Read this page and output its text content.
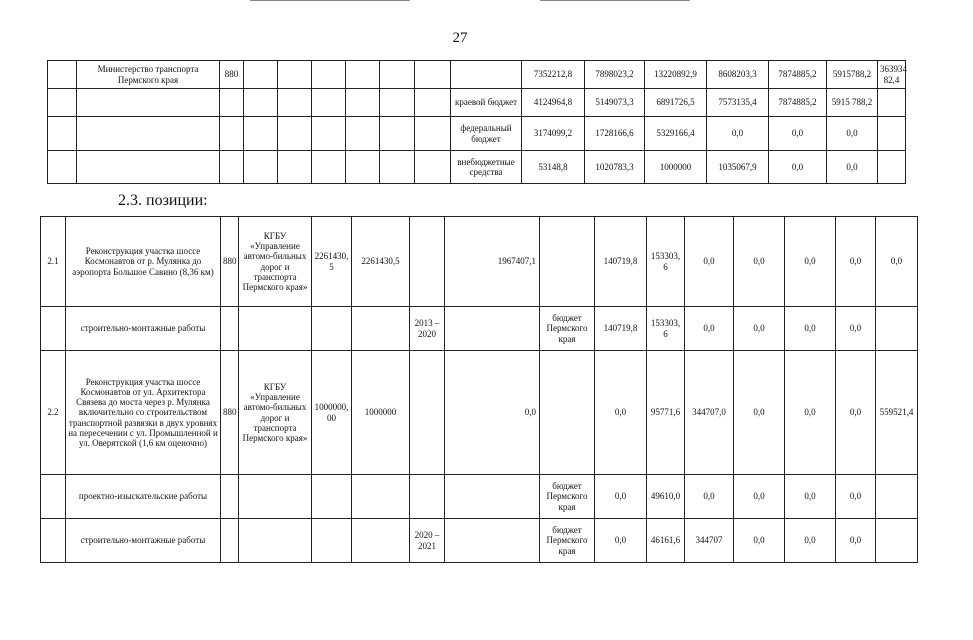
27
	Министерство транспорта Пермского края	880								7352212,8	7898023,2	13220892,9	8608203,3	7874885,2	5915788,2	363934 82,4
									краевой бюджет	4124964,8	5149073,3	6891726,5	7573135,4	7874885,2	5915 788,2	
									федеральный бюджет	3174099,2	1728166,6	5329166,4	0,0	0,0	0,0	
									внебюджетные средства	53148,8	1020783,3	1000000	1035067,9	0,0	0,0	
2.3. позиции:
2.1	Реконструкция участка шоссе Космонавтов от р. Мулянка до аэропорта Большое Савино (8,36 км)	880	КГБУ «Управление автомо-бильных дорог и транспорта Пермского края»	2261430, 5	2261430,5		1967407,1		140719,8	153303, 6	0,0	0,0	0,0	0,0	0,0
	строительно-монтажные работы					2013 – 2020		бюджет Пермского края	140719,8	153303, 6	0,0	0,0	0,0	0,0	
2.2	Реконструкция участка шоссе Космонавтов от ул. Архитектора Связева до моста через р. Мулянка включительно со строительством транспортной развязки в двух уровнях на пересечении с ул. Промышленной и ул. Оверятской (1,6 км оценочно)	880	КГБУ «Управление автомо-бильных дорог и транспорта Пермского края»	1000000, 00	1000000		0,0		0,0	95771,6	344707,0	0,0	0,0	0,0	559521,4
	проектно-изыскательские работы							бюджет Пермского края	0,0	49610,0	0,0	0,0	0,0	0,0	
	строительно-монтажные работы					2020 – 2021		бюджет Пермского края	0,0	46161,6	344707	0,0	0,0	0,0	
